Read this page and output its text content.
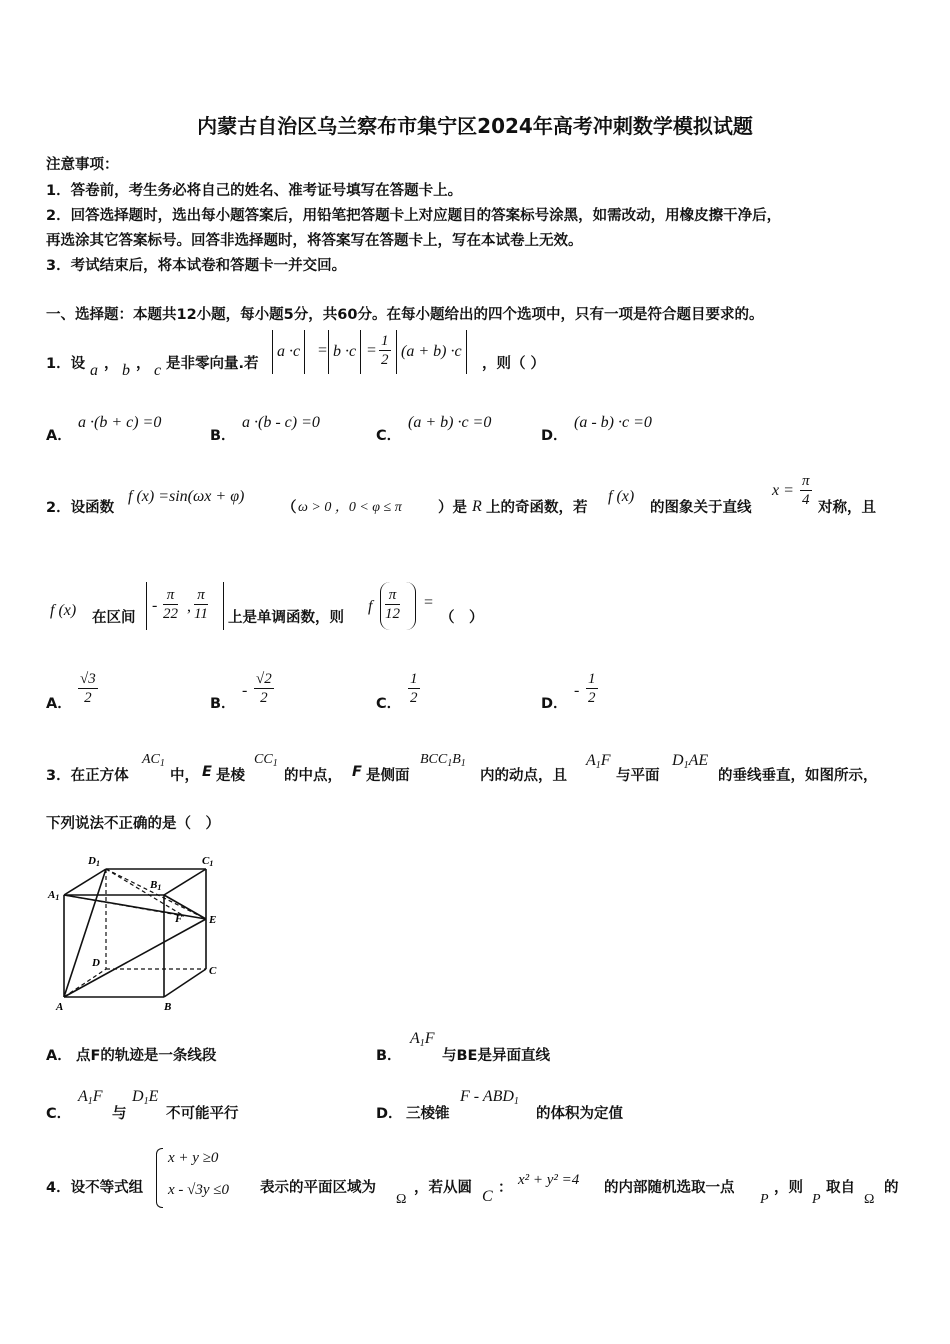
内蒙古自治区乌兰察布市集宁区2024年高考冲刺数学模拟试题
注意事项：
1．答卷前，考生务必将自己的姓名、准考证号填写在答题卡上。
2．回答选择题时，选出每小题答案后，用铅笔把答题卡上对应题目的答案标号涂黑，如需改动，用橡皮擦干净后，
再选涂其它答案标号。回答非选择题时，将答案写在答题卡上，写在本试卷上无效。
3．考试结束后，将本试卷和答题卡一并交回。
一、选择题：本题共12小题，每小题5分，共60分。在每小题给出的四个选项中，只有一项是符合题目要求的。
1．设 a ， b ， c 是非零向量.若
a ·c	= $b \cdot c = \frac{1}{2} (a + b) \cdot c$
，则（ ）
A．
a ·(b + c) =0
B．
a ·(b - c) =0
C．
(a + b) ·c =0
D．
(a - b) ·c =0
2．设函数
f (x) =sin(ωx + φ)
（ ω > 0 ，0 < φ ≤ π	）是 R 上的奇函数，若
f (x)
的图象关于直线
$x = \frac{\pi}{4}$ 对称，且
f (x) 在区间
- $\frac{\pi}{22}$ , $\frac{\pi}{11}$ 上是单调函数，则
f $\frac{\pi}{12}$ =
（　）
A． $\frac{√3}{2}$	B．
- $\frac{√2}{2}$	C． $\frac{1}{2}$	D．
- $\frac{1}{2}$
3．在正方体
$AC_1$
中， E 是棱
$CC_1$
的中点， F 是侧面
$BCC_1B_1$
内的动点，且
$A_1F$
与平面
$D_1AE$
的垂线垂直，如图所示，
下列说法不正确的是（　）
D1	C1
A1
B1
F E
D
C
A	B
A． 点F的轨迹是一条线段	B．
$A_1F$
与BE是异面直线
C．
$A_1F$
与
$D_1E$
不可能平行	D． 三棱锥
F - $ABD_1$
的体积为定值
4．设不等式组
x + y ≥0
x - √3y ≤0 表示的平面区域为
Ω
，若从圆 C ： x² + y² =4 的内部随机选取一点
P
，则
P
取自
Ω
的
